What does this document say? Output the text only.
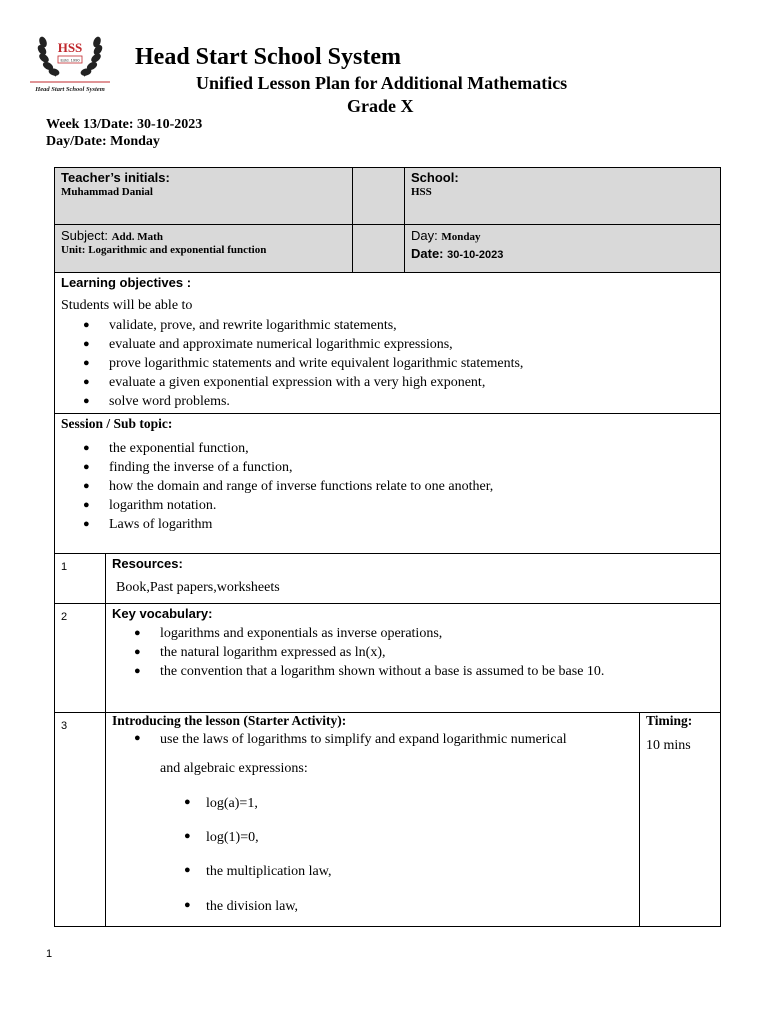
HSS
Estd. 1990
Head Start School System
Head Start School System
Unified Lesson Plan for Additional Mathematics
Grade X
Week 13/Date: 30-10-2023
Day/Date: Monday
Teacher’s initials:
Muhammad Danial
School:
HSS
Subject: Add. Math
Unit: Logarithmic and exponential function
Day: Monday
Date: 30-10-2023
Learning objectives :
Students will be able to
● validate, prove, and rewrite logarithmic statements,
● evaluate and approximate numerical logarithmic expressions,
● prove logarithmic statements and write equivalent logarithmic statements,
● evaluate a given exponential expression with a very high exponent,
● solve word problems.
Session / Sub topic:
● the exponential function,
● finding the inverse of a function,
● how the domain and range of inverse functions relate to one another,
● logarithm notation.
● Laws of logarithm
1	Resources:
Book,Past papers,worksheets
2	Key vocabulary:
● logarithms and exponentials as inverse operations,
● the natural logarithm expressed as ln(x),
● the convention that a logarithm shown without a base is assumed to be base 10.
3	Introducing the lesson (Starter Activity):
● use the laws of logarithms to simplify and expand logarithmic numerical
and algebraic expressions:
● log(a)=1,
● log(1)=0,
● the multiplication law,
● the division law,
Timing:
10 mins
1
